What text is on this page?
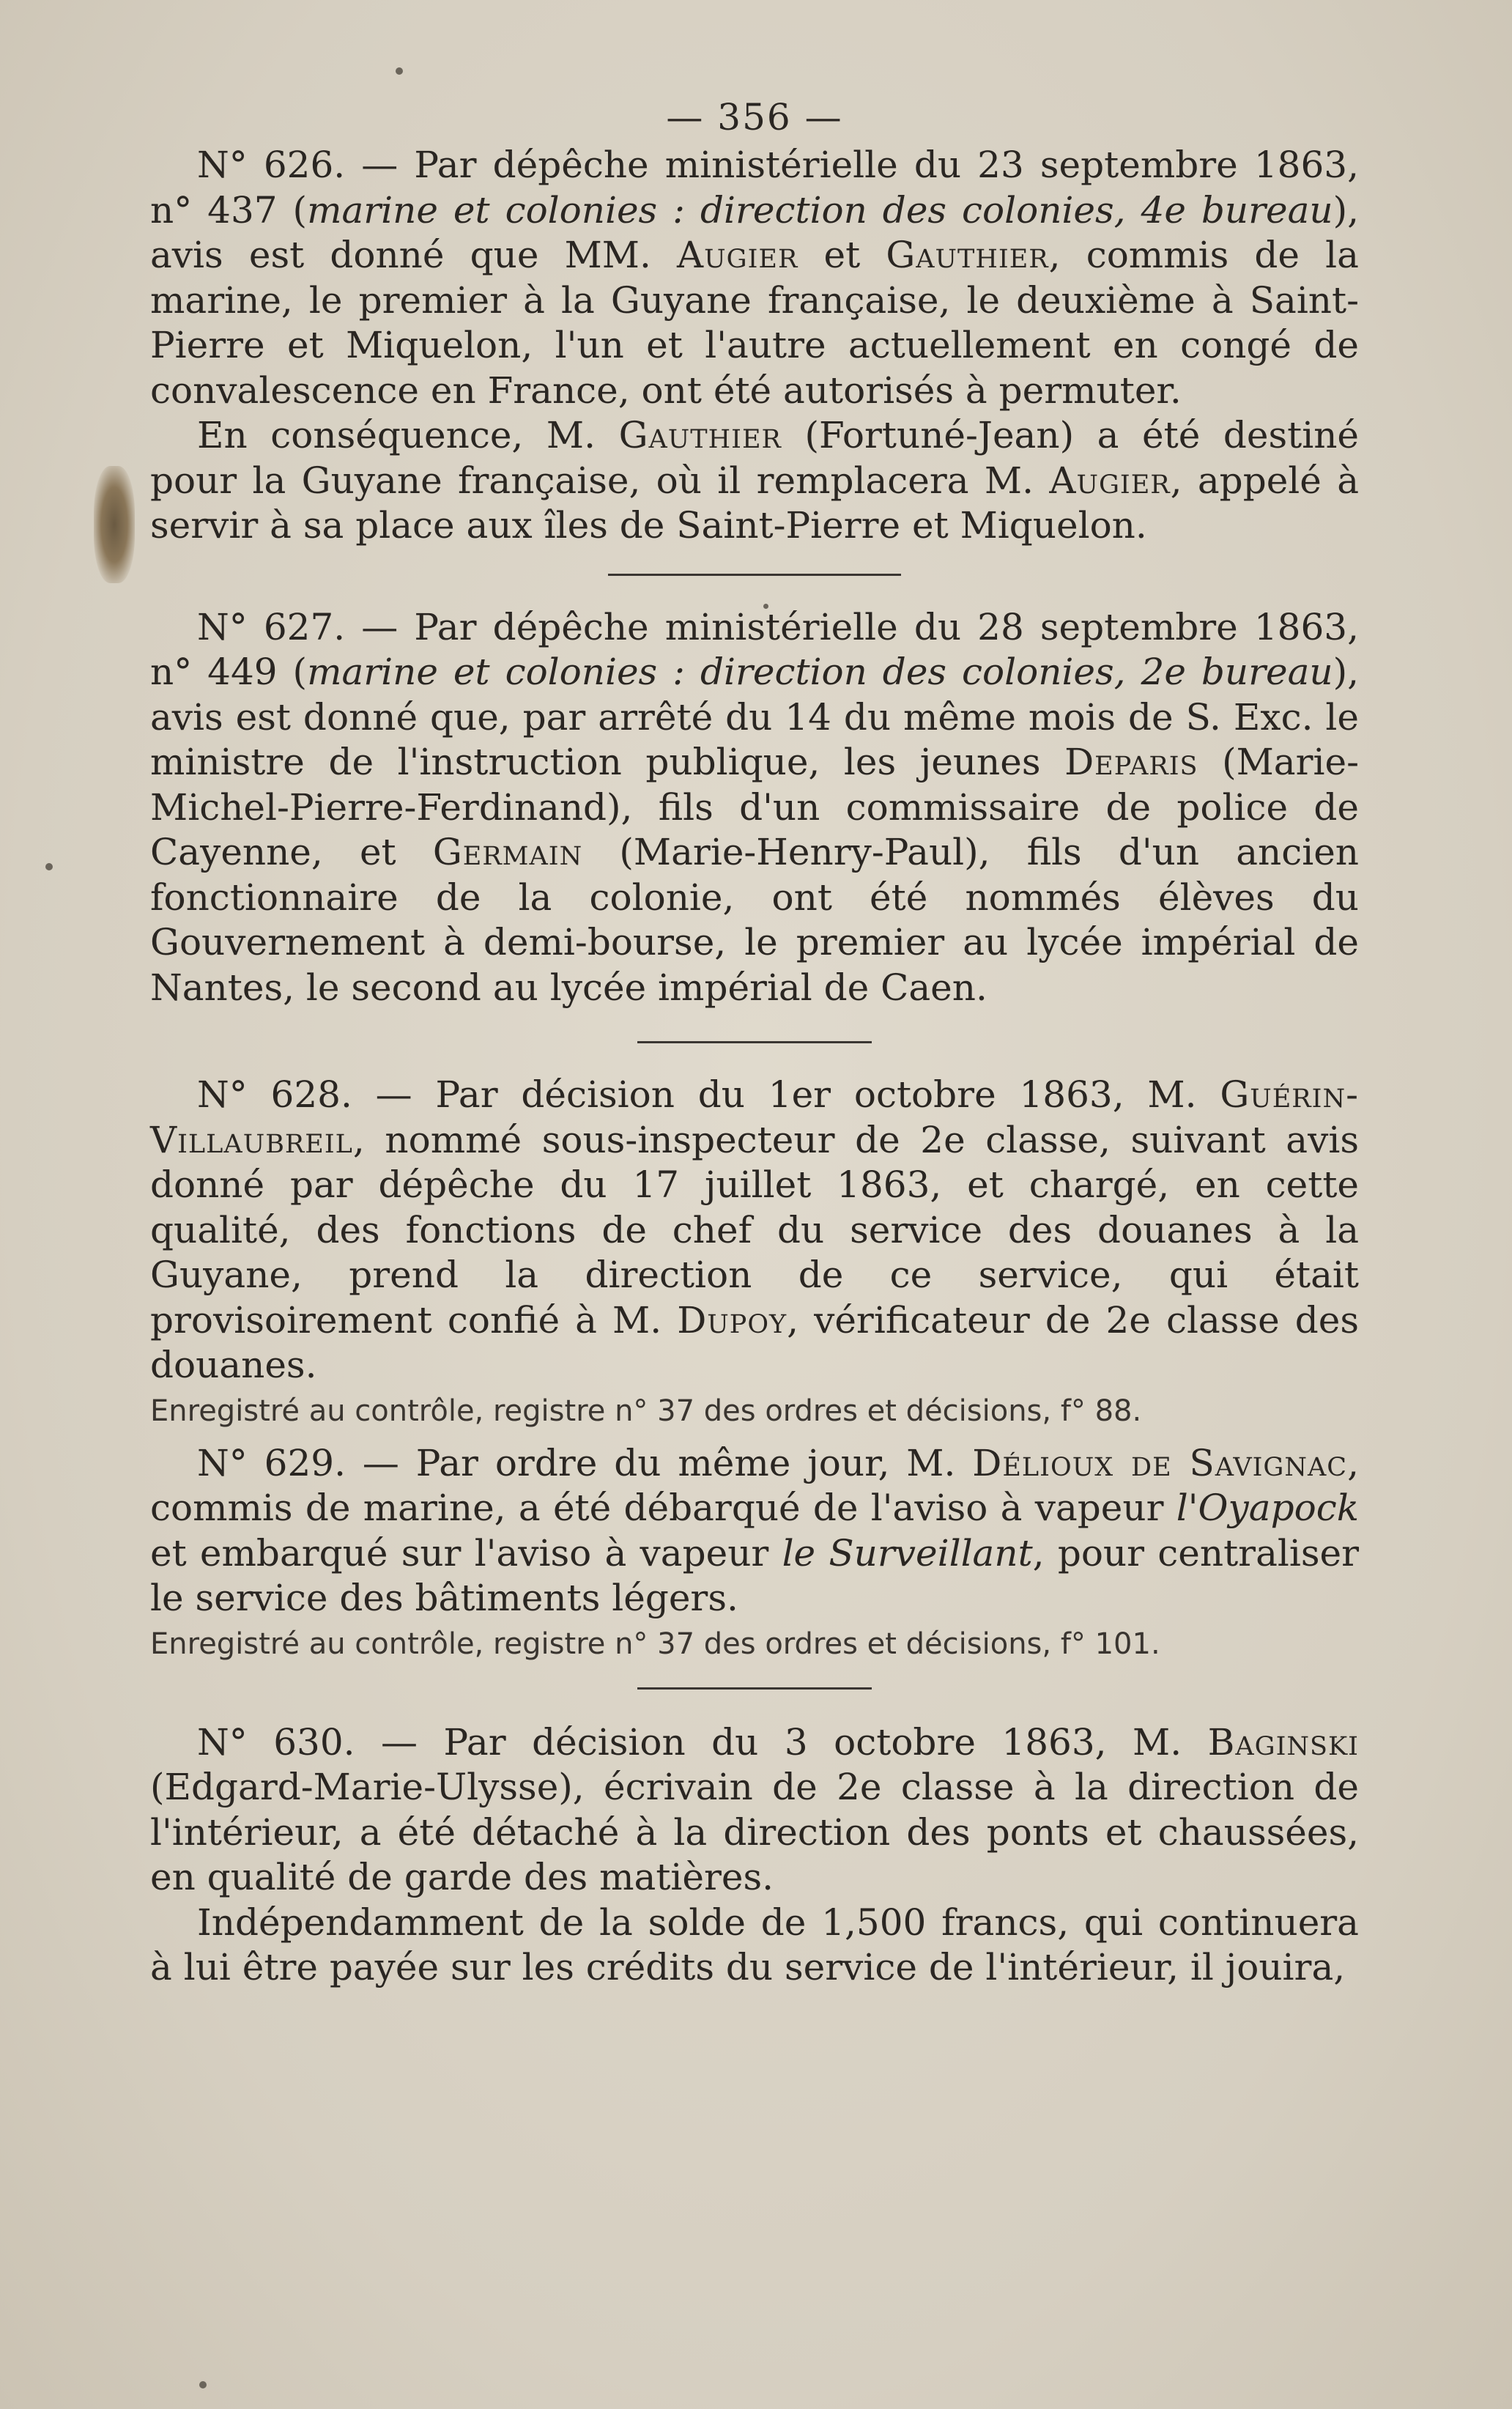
— 356 —

N° 626. — Par dépêche ministérielle du 23 septembre 1863, n° 437 (marine et colonies : direction des colonies, 4e bureau), avis est donné que MM. Augier et Gauthier, commis de la marine, le premier à la Guyane française, le deuxième à Saint-Pierre et Miquelon, l'un et l'autre actuellement en congé de convalescence en France, ont été autorisés à permuter.

En conséquence, M. Gauthier (Fortuné-Jean) a été destiné pour la Guyane française, où il remplacera M. Augier, appelé à servir à sa place aux îles de Saint-Pierre et Miquelon.

N° 627. — Par dépêche ministérielle du 28 septembre 1863, n° 449 (marine et colonies : direction des colonies, 2e bureau), avis est donné que, par arrêté du 14 du même mois de S. Exc. le ministre de l'instruction publique, les jeunes Deparis (Marie-Michel-Pierre-Ferdinand), fils d'un commissaire de police de Cayenne, et Germain (Marie-Henry-Paul), fils d'un ancien fonctionnaire de la colonie, ont été nommés élèves du Gouvernement à demi-bourse, le premier au lycée impérial de Nantes, le second au lycée impérial de Caen.

N° 628. — Par décision du 1er octobre 1863, M. Guérin-Villaubreil, nommé sous-inspecteur de 2e classe, suivant avis donné par dépêche du 17 juillet 1863, et chargé, en cette qualité, des fonctions de chef du service des douanes à la Guyane, prend la direction de ce service, qui était provisoirement confié à M. Dupoy, vérificateur de 2e classe des douanes.

Enregistré au contrôle, registre n° 37 des ordres et décisions, f° 88.

N° 629. — Par ordre du même jour, M. Délioux de Savignac, commis de marine, a été débarqué de l'aviso à vapeur l'Oyapock et embarqué sur l'aviso à vapeur le Surveillant, pour centraliser le service des bâtiments légers.

Enregistré au contrôle, registre n° 37 des ordres et décisions, f° 101.

N° 630. — Par décision du 3 octobre 1863, M. Baginski (Edgard-Marie-Ulysse), écrivain de 2e classe à la direction de l'intérieur, a été détaché à la direction des ponts et chaussées, en qualité de garde des matières.

Indépendamment de la solde de 1,500 francs, qui continuera à lui être payée sur les crédits du service de l'intérieur, il jouira,
